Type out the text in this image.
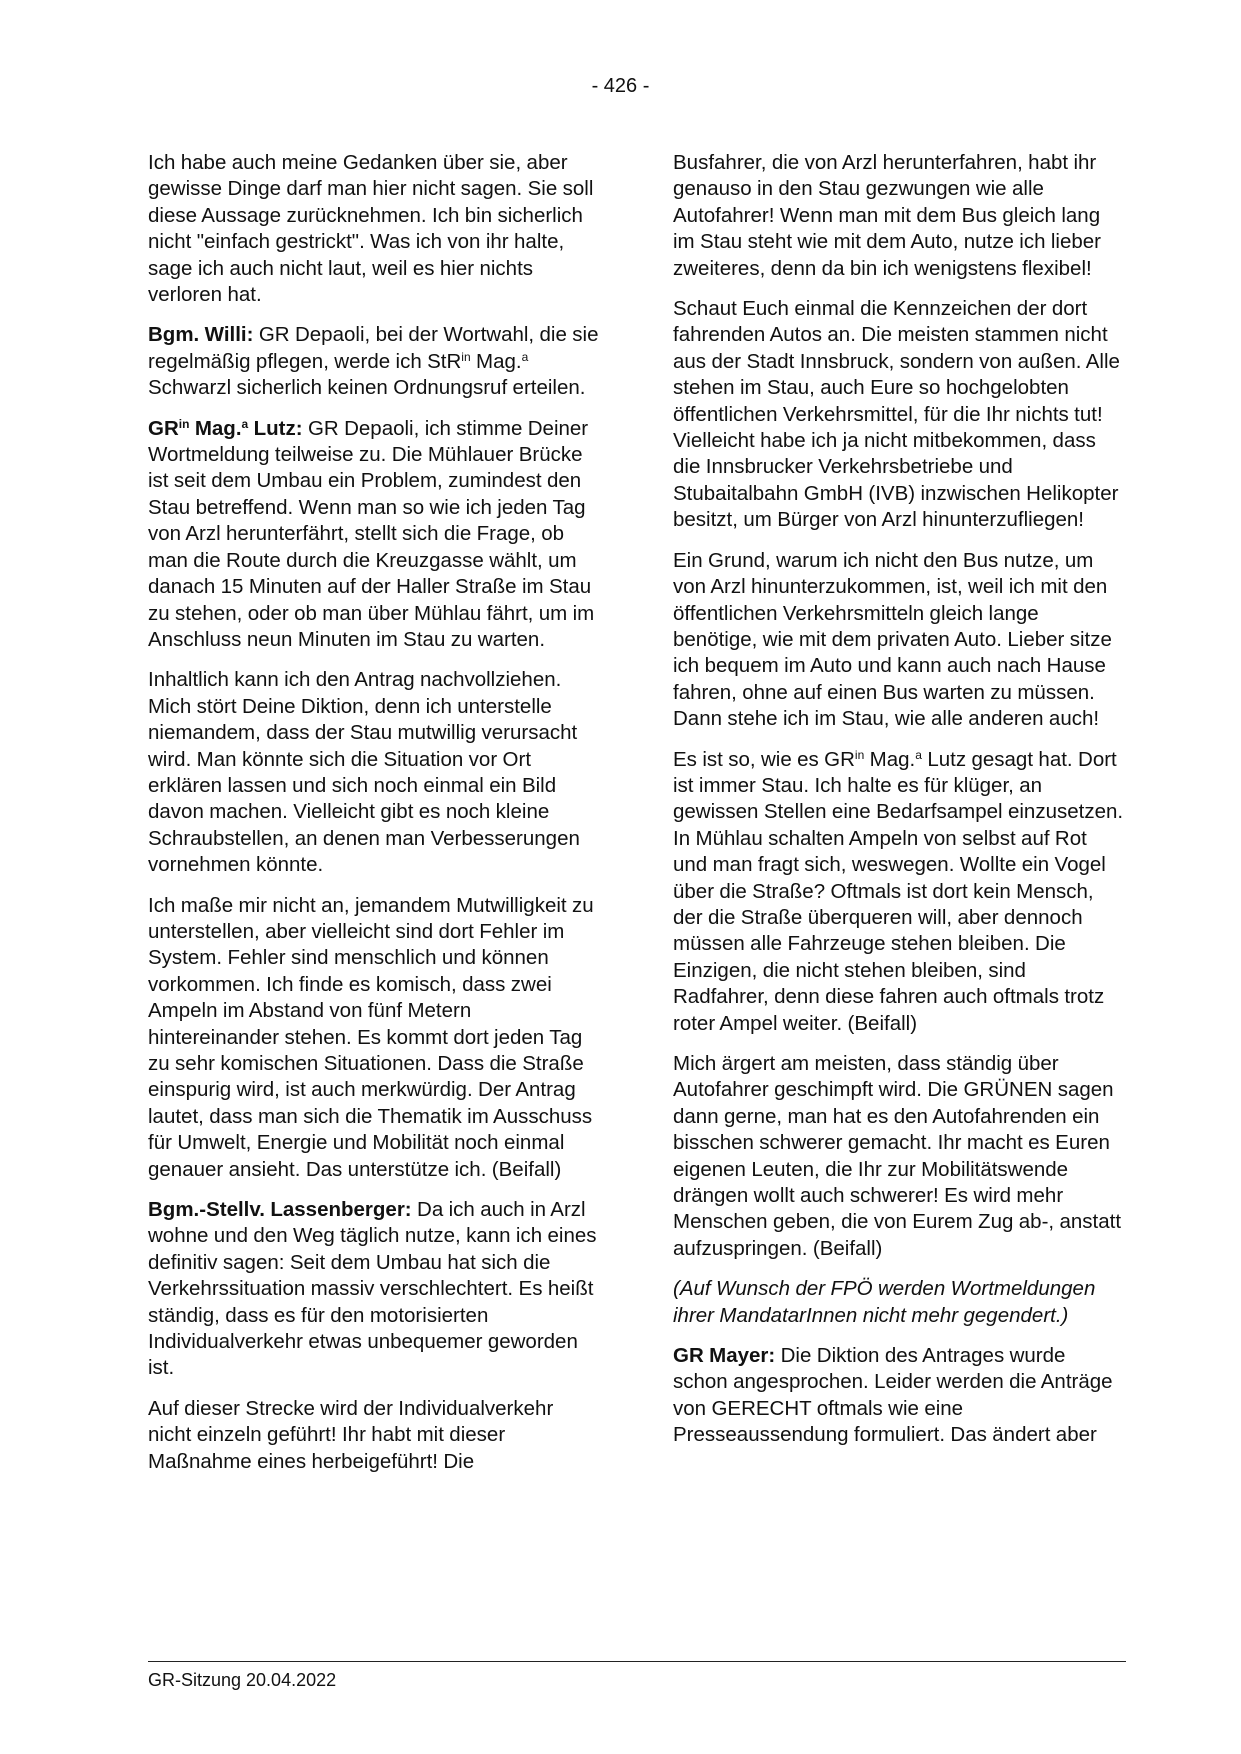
- 426 -

Ich habe auch meine Gedanken über sie, aber gewisse Dinge darf man hier nicht sagen. Sie soll diese Aussage zurücknehmen. Ich bin sicherlich nicht "einfach gestrickt". Was ich von ihr halte, sage ich auch nicht laut, weil es hier nichts verloren hat.

Bgm. Willi: GR Depaoli, bei der Wortwahl, die sie regelmäßig pflegen, werde ich StR$^{in}$ Mag.$^a$ Schwarzl sicherlich keinen Ordnungsruf erteilen.

$GR^{in}$ Mag.$^a$ Lutz: GR Depaoli, ich stimme Deiner Wortmeldung teilweise zu. Die Mühlauer Brücke ist seit dem Umbau ein Problem, zumindest den Stau betreffend. Wenn man so wie ich jeden Tag von Arzl herunterfährt, stellt sich die Frage, ob man die Route durch die Kreuzgasse wählt, um danach 15 Minuten auf der Haller Straße im Stau zu stehen, oder ob man über Mühlau fährt, um im Anschluss neun Minuten im Stau zu warten.

Inhaltlich kann ich den Antrag nachvollziehen. Mich stört Deine Diktion, denn ich unterstelle niemandem, dass der Stau mutwillig verursacht wird. Man könnte sich die Situation vor Ort erklären lassen und sich noch einmal ein Bild davon machen. Vielleicht gibt es noch kleine Schraubstellen, an denen man Verbesserungen vornehmen könnte.

Ich maße mir nicht an, jemandem Mutwilligkeit zu unterstellen, aber vielleicht sind dort Fehler im System. Fehler sind menschlich und können vorkommen. Ich finde es komisch, dass zwei Ampeln im Abstand von fünf Metern hintereinander stehen. Es kommt dort jeden Tag zu sehr komischen Situationen. Dass die Straße einspurig wird, ist auch merkwürdig. Der Antrag lautet, dass man sich die Thematik im Ausschuss für Umwelt, Energie und Mobilität noch einmal genauer ansieht. Das unterstütze ich. (Beifall)

Bgm.-Stellv. Lassenberger: Da ich auch in Arzl wohne und den Weg täglich nutze, kann ich eines definitiv sagen: Seit dem Umbau hat sich die Verkehrssituation massiv verschlechtert. Es heißt ständig, dass es für den motorisierten Individualverkehr etwas unbequemer geworden ist.

Auf dieser Strecke wird der Individualverkehr nicht einzeln geführt! Ihr habt mit dieser Maßnahme eines herbeigeführt! Die

Busfahrer, die von Arzl herunterfahren, habt ihr genauso in den Stau gezwungen wie alle Autofahrer! Wenn man mit dem Bus gleich lang im Stau steht wie mit dem Auto, nutze ich lieber zweiteres, denn da bin ich wenigstens flexibel!

Schaut Euch einmal die Kennzeichen der dort fahrenden Autos an. Die meisten stammen nicht aus der Stadt Innsbruck, sondern von außen. Alle stehen im Stau, auch Eure so hochgelobten öffentlichen Verkehrsmittel, für die Ihr nichts tut! Vielleicht habe ich ja nicht mitbekommen, dass die Innsbrucker Verkehrsbetriebe und Stubaitalbahn GmbH (IVB) inzwischen Helikopter besitzt, um Bürger von Arzl hinunterzufliegen!

Ein Grund, warum ich nicht den Bus nutze, um von Arzl hinunterzukommen, ist, weil ich mit den öffentlichen Verkehrsmitteln gleich lange benötige, wie mit dem privaten Auto. Lieber sitze ich bequem im Auto und kann auch nach Hause fahren, ohne auf einen Bus warten zu müssen. Dann stehe ich im Stau, wie alle anderen auch!

Es ist so, wie es $GR^{in}$ Mag.$^a$ Lutz gesagt hat. Dort ist immer Stau. Ich halte es für klüger, an gewissen Stellen eine Bedarfsampel einzusetzen. In Mühlau schalten Ampeln von selbst auf Rot und man fragt sich, weswegen. Wollte ein Vogel über die Straße? Oftmals ist dort kein Mensch, der die Straße überqueren will, aber dennoch müssen alle Fahrzeuge stehen bleiben. Die Einzigen, die nicht stehen bleiben, sind Radfahrer, denn diese fahren auch oftmals trotz roter Ampel weiter. (Beifall)

Mich ärgert am meisten, dass ständig über Autofahrer geschimpft wird. Die GRÜNEN sagen dann gerne, man hat es den Autofahrenden ein bisschen schwerer gemacht. Ihr macht es Euren eigenen Leuten, die Ihr zur Mobilitätswende drängen wollt auch schwerer! Es wird mehr Menschen geben, die von Eurem Zug ab-, anstatt aufzuspringen. (Beifall)

(Auf Wunsch der FPÖ werden Wortmeldungen ihrer MandatarInnen nicht mehr gegendert.)

GR Mayer: Die Diktion des Antrages wurde schon angesprochen. Leider werden die Anträge von GERECHT oftmals wie eine Presseaussendung formuliert. Das ändert aber

GR-Sitzung 20.04.2022
